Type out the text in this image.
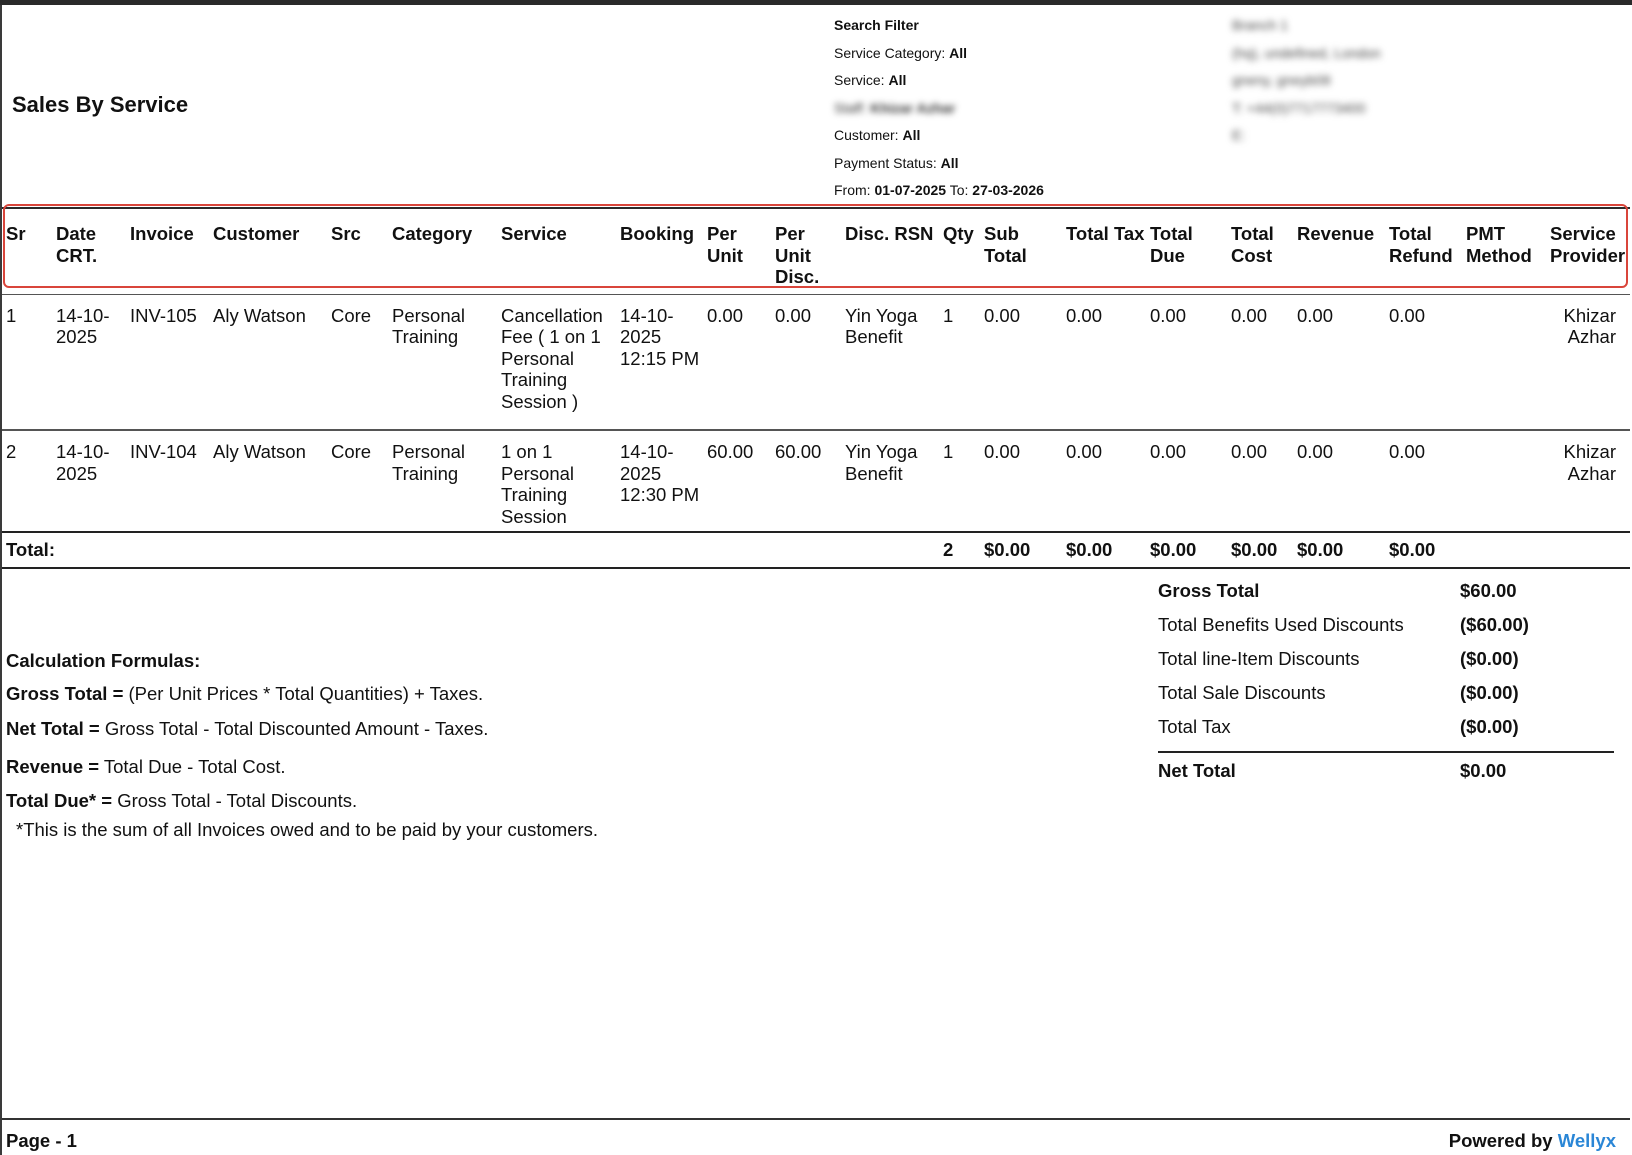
Sales By Service
Search Filter
Service Category: All
Service: All
Staff: Khizar Azhar
Customer: All
Payment Status: All
From: 01-07-2025 To: 27-03-2026
Branch 1
(hq), undefined, London
gneny, gneyb08
T: +44(0)7717773400
E:
Sr	Date CRT.	Invoice	Customer	Src	Category	Service	Booking	Per Unit	Per Unit Disc.	Disc. RSN	Qty	Sub Total	Total Tax	Total Due	Total Cost	Revenue	Total Refund	PMT Method	Service Provider
1	14-10-2025	INV-105	Aly Watson	Core	Personal Training	Cancellation Fee ( 1 on 1 Personal Training Session )	14-10-2025 12:15 PM	0.00	0.00	Yin Yoga Benefit	1	0.00	0.00	0.00	0.00	0.00	0.00		Khizar Azhar
2	14-10-2025	INV-104	Aly Watson	Core	Personal Training	1 on 1 Personal Training Session	14-10-2025 12:30 PM	60.00	60.00	Yin Yoga Benefit	1	0.00	0.00	0.00	0.00	0.00	0.00		Khizar Azhar
Total:											2	$0.00	$0.00	$0.00	$0.00	$0.00	$0.00		
Calculation Formulas:
Gross Total = (Per Unit Prices * Total Quantities) + Taxes.
Net Total = Gross Total - Total Discounted Amount - Taxes.
Revenue = Total Due - Total Cost.
Total Due* = Gross Total - Total Discounts.
*This is the sum of all Invoices owed and to be paid by your customers.
Gross Total	$60.00
Total Benefits Used Discounts	($60.00)
Total line-Item Discounts	($0.00)
Total Sale Discounts	($0.00)
Total Tax	($0.00)
Net Total	$0.00
Page - 1	Powered by Wellyx
